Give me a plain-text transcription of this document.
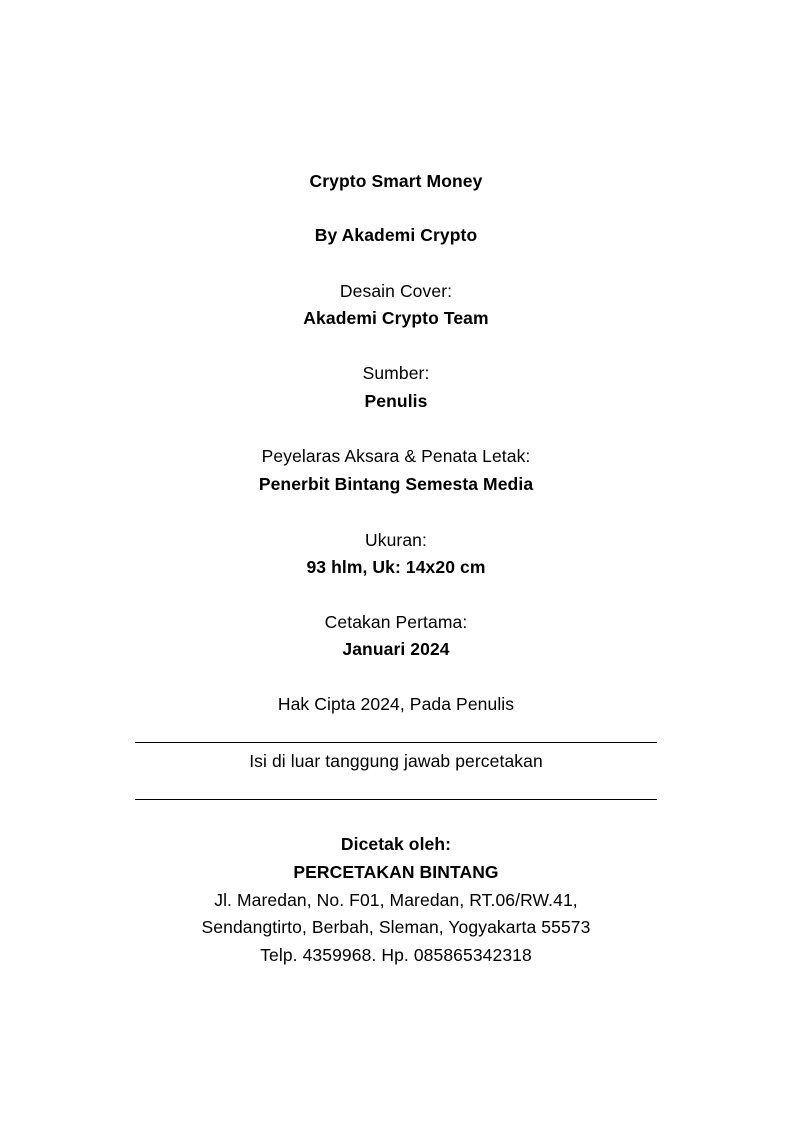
Crypto Smart Money
By Akademi Crypto
Desain Cover:
Akademi Crypto Team
Sumber:
Penulis
Peyelaras Aksara & Penata Letak:
Penerbit Bintang Semesta Media
Ukuran:
93 hlm, Uk: 14x20 cm
Cetakan Pertama:
Januari 2024
Hak Cipta 2024, Pada Penulis
Isi di luar tanggung jawab percetakan
Dicetak oleh:
PERCETAKAN BINTANG
Jl. Maredan, No. F01, Maredan, RT.06/RW.41,
Sendangtirto, Berbah, Sleman, Yogyakarta 55573
Telp. 4359968. Hp. 085865342318
